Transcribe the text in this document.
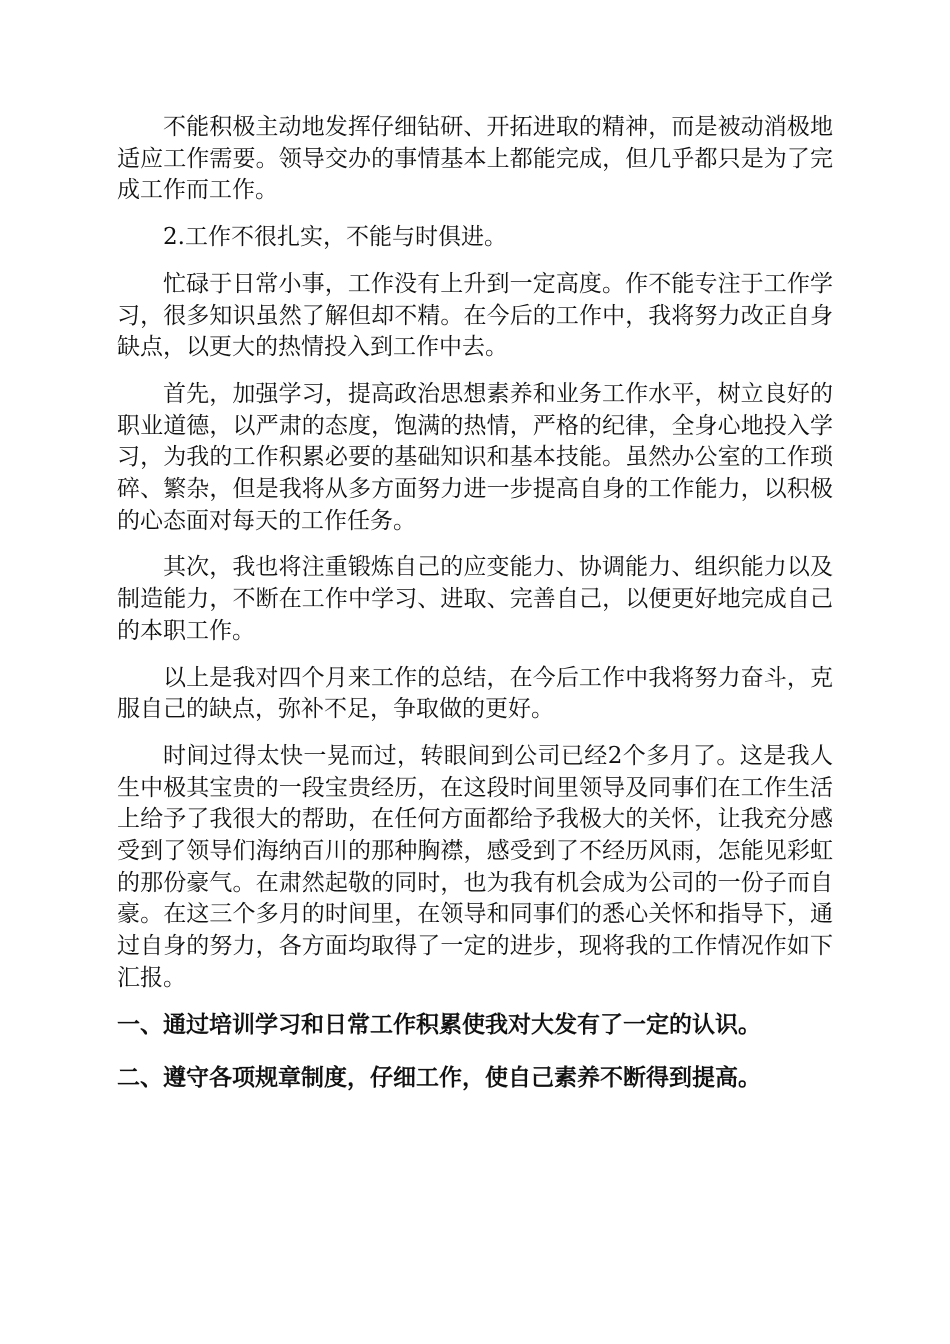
不能积极主动地发挥仔细钻研、开拓进取的精神，而是被动消极地适应工作需要。领导交办的事情基本上都能完成，但几乎都只是为了完成工作而工作。

2.工作不很扎实，不能与时俱进。

忙碌于日常小事，工作没有上升到一定高度。作不能专注于工作学习，很多知识虽然了解但却不精。在今后的工作中，我将努力改正自身缺点，以更大的热情投入到工作中去。

首先，加强学习，提高政治思想素养和业务工作水平，树立良好的职业道德，以严肃的态度，饱满的热情，严格的纪律，全身心地投入学习，为我的工作积累必要的基础知识和基本技能。虽然办公室的工作琐碎、繁杂，但是我将从多方面努力进一步提高自身的工作能力，以积极的心态面对每天的工作任务。

其次，我也将注重锻炼自己的应变能力、协调能力、组织能力以及制造能力，不断在工作中学习、进取、完善自己，以便更好地完成自己的本职工作。

以上是我对四个月来工作的总结，在今后工作中我将努力奋斗，克服自己的缺点，弥补不足，争取做的更好。

时间过得太快一晃而过，转眼间到公司已经2个多月了。这是我人生中极其宝贵的一段宝贵经历，在这段时间里领导及同事们在工作生活上给予了我很大的帮助，在任何方面都给予我极大的关怀，让我充分感受到了领导们海纳百川的那种胸襟，感受到了不经历风雨，怎能见彩虹的那份豪气。在肃然起敬的同时，也为我有机会成为公司的一份子而自豪。在这三个多月的时间里，在领导和同事们的悉心关怀和指导下，通过自身的努力，各方面均取得了一定的进步，现将我的工作情况作如下汇报。

一、通过培训学习和日常工作积累使我对大发有了一定的认识。

二、遵守各项规章制度，仔细工作，使自己素养不断得到提高。
